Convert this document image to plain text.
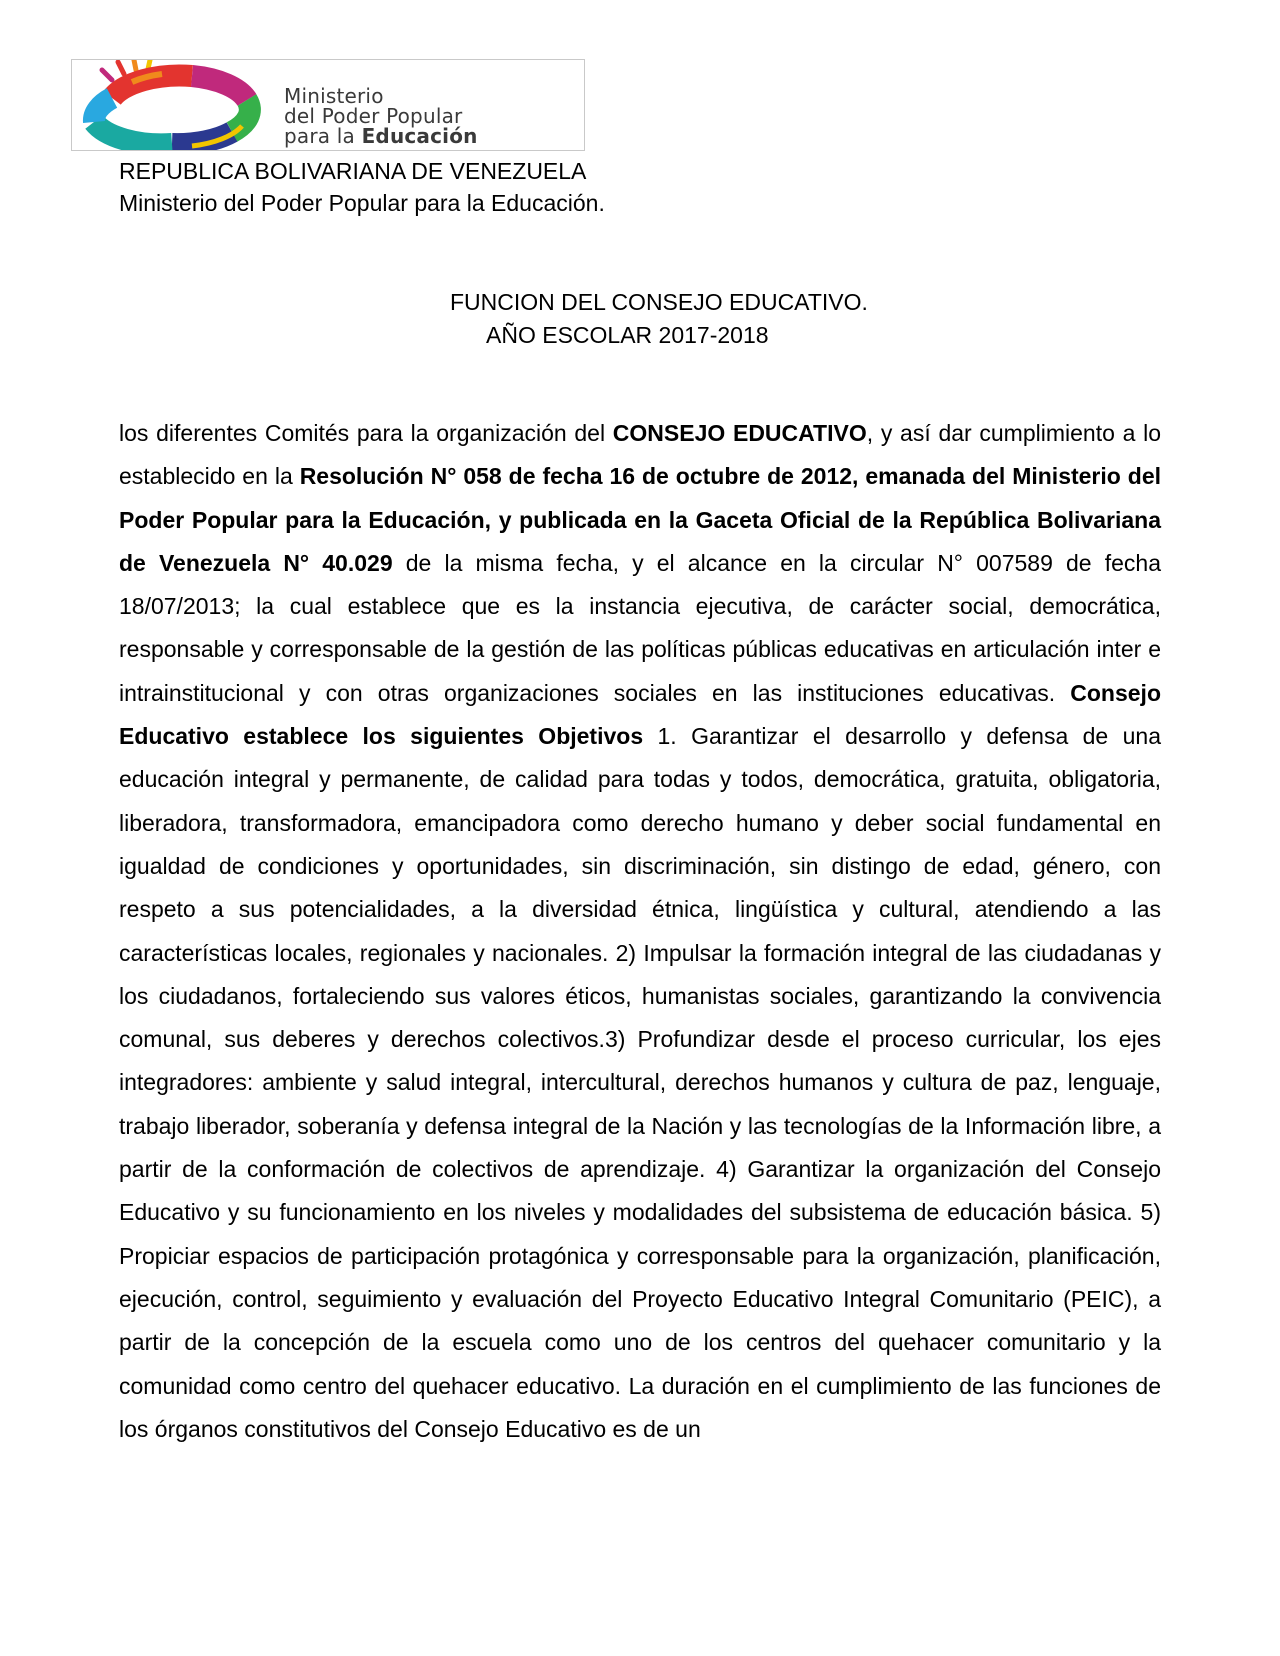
Ministerio
del Poder Popular
para la Educación
REPUBLICA BOLIVARIANA DE VENEZUELA
Ministerio del Poder Popular para la Educación.
FUNCION DEL CONSEJO EDUCATIVO.
AÑO ESCOLAR 2017-2018
los diferentes Comités para la organización del CONSEJO EDUCATIVO, y así dar cumplimiento a lo establecido en la Resolución N° 058 de fecha 16 de octubre de 2012, emanada del Ministerio del Poder Popular para la Educación, y publicada en la Gaceta Oficial de la República Bolivariana de Venezuela N° 40.029 de la misma fecha, y el alcance en la circular N° 007589 de fecha 18/07/2013; la cual establece que es la instancia ejecutiva, de carácter social, democrática, responsable y corresponsable de la gestión de las políticas públicas educativas en articulación inter e intrainstitucional y con otras organizaciones sociales en las instituciones educativas. Consejo Educativo establece los siguientes Objetivos 1. Garantizar el desarrollo y defensa de una educación integral y permanente, de calidad para todas y todos, democrática, gratuita, obligatoria, liberadora, transformadora, emancipadora como derecho humano y deber social fundamental en igualdad de condiciones y oportunidades, sin discriminación, sin distingo de edad, género, con respeto a sus potencialidades, a la diversidad étnica, lingüística y cultural, atendiendo a las características locales, regionales y nacionales. 2) Impulsar la formación integral de las ciudadanas y los ciudadanos, fortaleciendo sus valores éticos, humanistas sociales, garantizando la convivencia comunal, sus deberes y derechos colectivos.3) Profundizar desde el proceso curricular, los ejes integradores: ambiente y salud integral, intercultural, derechos humanos y cultura de paz, lenguaje, trabajo liberador, soberanía y defensa integral de la Nación y las tecnologías de la Información libre, a partir de la conformación de colectivos de aprendizaje. 4) Garantizar la organización del Consejo Educativo y su funcionamiento en los niveles y modalidades del subsistema de educación básica. 5) Propiciar espacios de participación protagónica y corresponsable para la organización, planificación, ejecución, control, seguimiento y evaluación del Proyecto Educativo Integral Comunitario (PEIC), a partir de la concepción de la escuela como uno de los centros del quehacer comunitario y la comunidad como centro del quehacer educativo. La duración en el cumplimiento de las funciones de los órganos constitutivos del Consejo Educativo es de un
